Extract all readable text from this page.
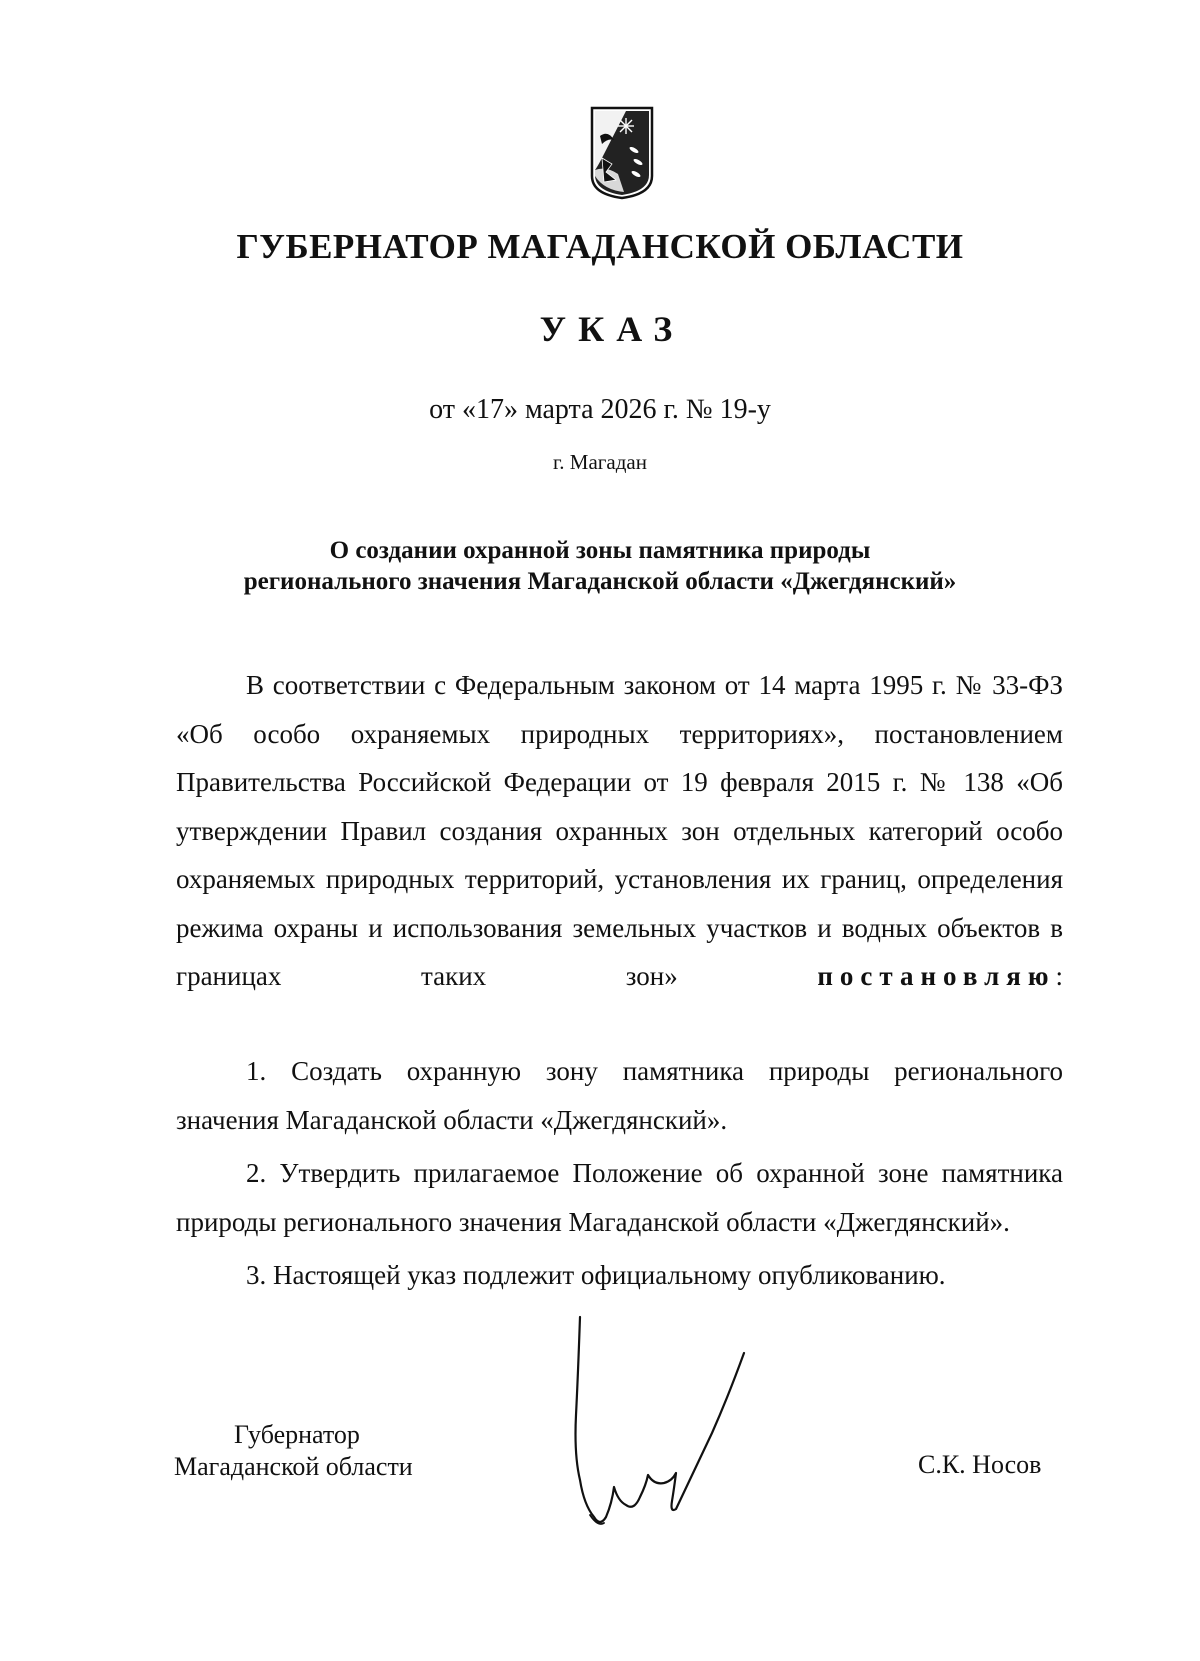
ГУБЕРНАТОР МАГАДАНСКОЙ ОБЛАСТИ
УКАЗ
от «17» марта 2026 г. № 19-у
г. Магадан
О создании охранной зоны памятника природы
регионального значения Магаданской области «Джегдянский»

В соответствии с Федеральным законом от 14 марта 1995 г. № 33-ФЗ «Об особо охраняемых природных территориях», постановлением Правительства Российской Федерации от 19 февраля 2015 г. № 138 «Об утверждении Правил создания охранных зон отдельных категорий особо охраняемых природных территорий, установления их границ, определения режима охраны и использования земельных участков и водных объектов в границах таких зон»	постановляю:

1. Создать охранную зону памятника природы регионального значения Магаданской области «Джегдянский».

2. Утвердить прилагаемое Положение об охранной зоне памятника природы регионального значения Магаданской области «Джегдянский».

3. Настоящей указ подлежит официальному опубликованию.

Губернатор
Магаданской области	С.К. Носов
